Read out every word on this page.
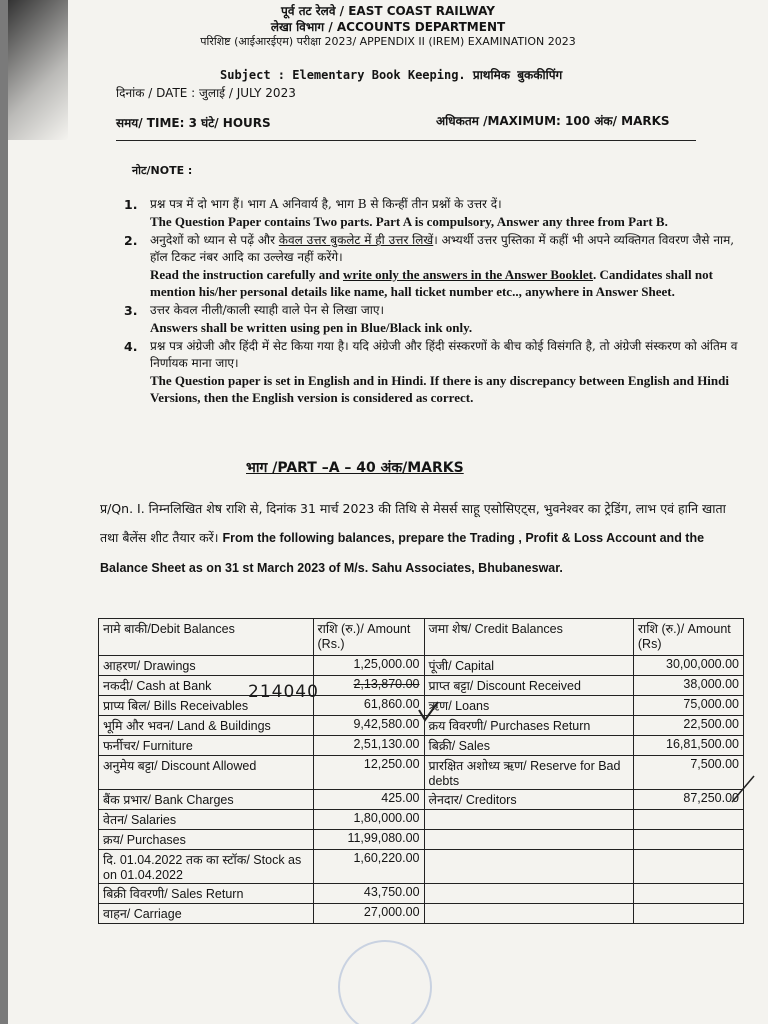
पूर्व तट रेलवे / EAST COAST RAILWAY
लेखा विभाग / ACCOUNTS DEPARTMENT
परिशिष्ट (आईआरईएम) परीक्षा 2023/ APPENDIX II (IREM) EXAMINATION 2023
Subject : Elementary Book Keeping. प्राथमिक बुककीपिंग
दिनांक / DATE : जुलाई / JULY 2023
समय/ TIME: 3 घंटे/ HOURS	अधिकतम /MAXIMUM: 100 अंक/ MARKS
नोट/NOTE :
1.	प्रश्न पत्र में दो भाग हैं। भाग A अनिवार्य है, भाग B से किन्हीं तीन प्रश्नों के उत्तर दें।
The Question Paper contains Two parts. Part A is compulsory, Answer any three from Part B.
2.	अनुदेशों को ध्यान से पढ़ें और केवल उत्तर बुकलेट में ही उत्तर लिखें। अभ्यर्थी उत्तर पुस्तिका में कहीं भी अपने व्यक्तिगत विवरण जैसे नाम, हॉल टिकट नंबर आदि का उल्लेख नहीं करेंगे।
Read the instruction carefully and write only the answers in the Answer Booklet. Candidates shall not mention his/her personal details like name, hall ticket number etc.., anywhere in Answer Sheet.
3.	उत्तर केवल नीली/काली स्याही वाले पेन से लिखा जाए।
Answers shall be written using pen in Blue/Black ink only.
4.	प्रश्न पत्र अंग्रेजी और हिंदी में सेट किया गया है। यदि अंग्रेजी और हिंदी संस्करणों के बीच कोई विसंगति है, तो अंग्रेजी संस्करण को अंतिम व निर्णायक माना जाए।
The Question paper is set in English and in Hindi. If there is any discrepancy between English and Hindi Versions, then the English version is considered as correct.
भाग /PART –A – 40 अंक/MARKS
प्र/Qn. I. निम्नलिखित शेष राशि से, दिनांक 31 मार्च 2023 की तिथि से मेसर्स साहू एसोसिएट्स, भुवनेश्वर का ट्रेडिंग, लाभ एवं हानि खाता तथा बैलेंस शीट तैयार करें। From the following balances, prepare the Trading , Profit & Loss Account and the Balance Sheet as on 31 st March 2023 of M/s. Sahu Associates, Bhubaneswar.
नामे बाकी/Debit Balances	राशि (रु.)/ Amount (Rs.)	जमा शेष/ Credit Balances	राशि (रु.)/ Amount (Rs)
आहरण/ Drawings	1,25,000.00	पूंजी/ Capital	30,00,000.00
नकदी/ Cash at Bank	2,13,870.00	प्राप्त बट्टा/ Discount Received	38,000.00
प्राप्य बिल/ Bills Receivables	61,860.00	ऋण/ Loans	75,000.00
भूमि और भवन/ Land & Buildings	9,42,580.00	क्रय विवरणी/ Purchases Return	22,500.00
फर्नीचर/ Furniture	2,51,130.00	बिक्री/ Sales	16,81,500.00
अनुमेय बट्टा/ Discount Allowed	12,250.00	प्रारक्षित अशोध्य ऋण/ Reserve for Bad debts	7,500.00
बैंक प्रभार/ Bank Charges	425.00	लेनदार/ Creditors	87,250.00
वेतन/ Salaries	1,80,000.00		
क्रय/ Purchases	11,99,080.00		
दि. 01.04.2022 तक का स्टॉक/ Stock as on 01.04.2022	1,60,220.00		
बिक्री विवरणी/ Sales Return	43,750.00		
वाहन/ Carriage	27,000.00		
214040
